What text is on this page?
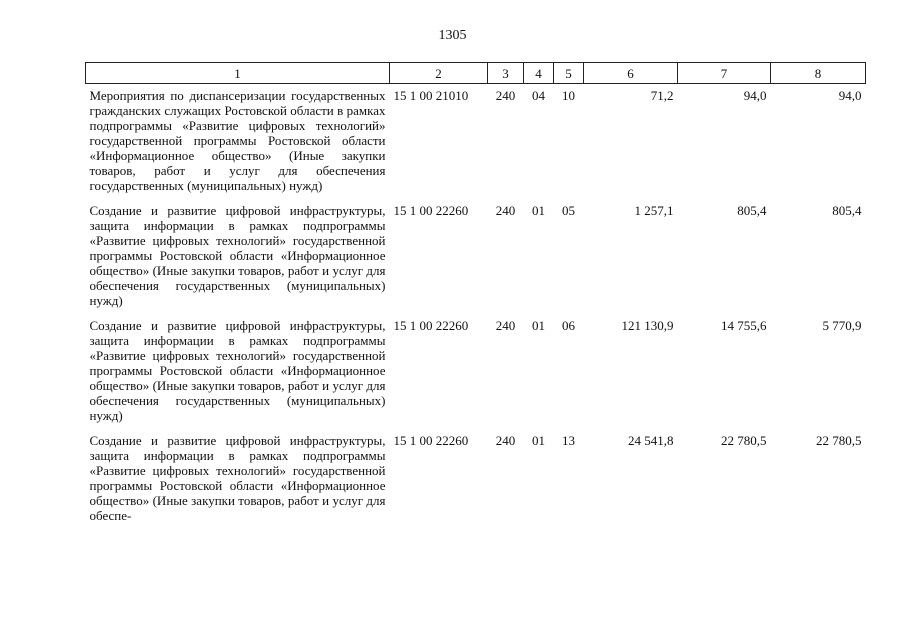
1305
1	2	3	4	5	6	7	8
Мероприятия по диспансеризации государственных гражданских служащих Ростовской области в рамках подпрограммы «Развитие цифровых технологий» государственной программы Ростовской области «Информационное общество» (Иные закупки товаров, работ и услуг для обеспечения государственных (муниципальных) нужд)	15 1 00 21010	240	04	10	71,2	94,0	94,0
Создание и развитие цифровой инфраструктуры, защита информации в рамках подпрограммы «Развитие цифровых технологий» государственной программы Ростовской области «Информационное общество» (Иные закупки товаров, работ и услуг для обеспечения государственных (муниципальных) нужд)	15 1 00 22260	240	01	05	1 257,1	805,4	805,4
Создание и развитие цифровой инфраструктуры, защита информации в рамках подпрограммы «Развитие цифровых технологий» государственной программы Ростовской области «Информационное общество» (Иные закупки товаров, работ и услуг для обеспечения государственных (муниципальных) нужд)	15 1 00 22260	240	01	06	121 130,9	14 755,6	5 770,9
Создание и развитие цифровой инфраструктуры, защита информации в рамках подпрограммы «Развитие цифровых технологий» государственной программы Ростовской области «Информационное общество» (Иные закупки товаров, работ и услуг для обеспе-	15 1 00 22260	240	01	13	24 541,8	22 780,5	22 780,5
